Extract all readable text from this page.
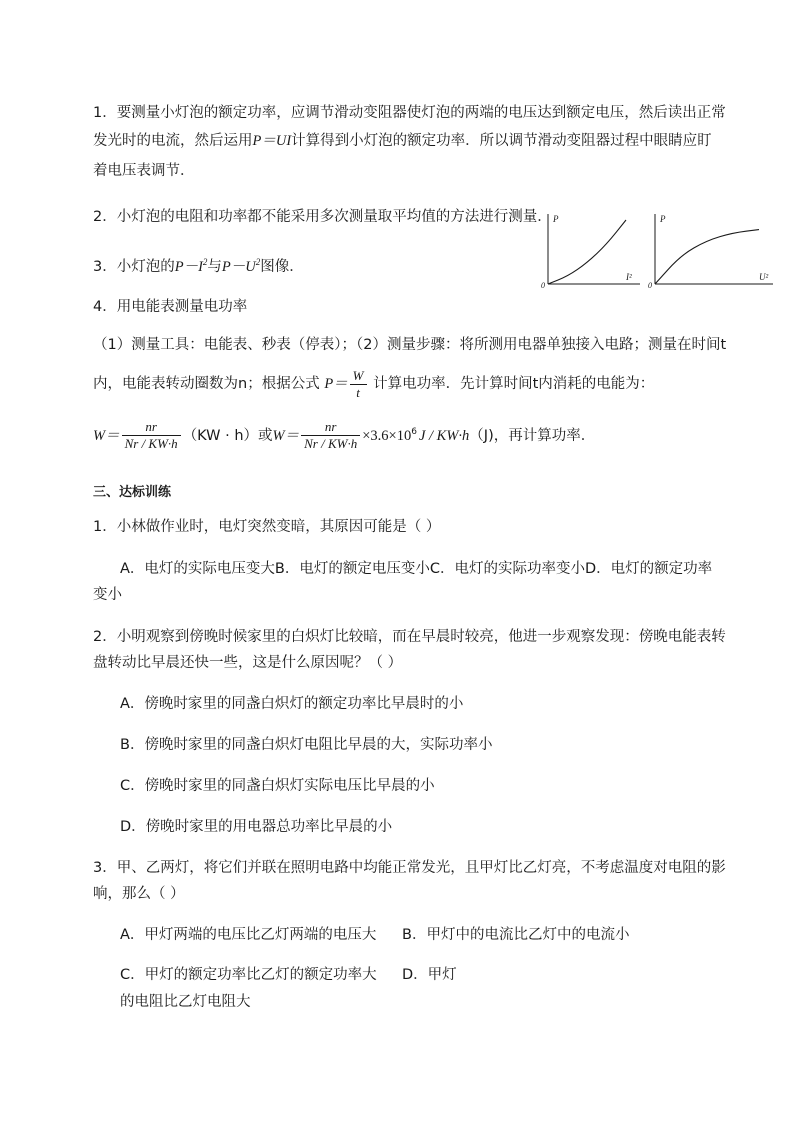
1．要测量小灯泡的额定功率，应调节滑动变阻器使灯泡的两端的电压达到额定电压，然后读出正常
发光时的电流，然后运用P＝UI计算得到小灯泡的额定功率．所以调节滑动变阻器过程中眼睛应盯
着电压表调节．
2．小灯泡的电阻和功率都不能采用多次测量取平均值的方法进行测量．
3．小灯泡的$P-I^2$与$P-U^2$图像．
P
0
I²
P
0
U²
4．用电能表测量电功率
（1）测量工具：电能表、秒表（停表）；（2）测量步骤：将所测用电器单独接入电路；测量在时间t
内，电能表转动圈数为n；根据公式 $P= \frac{W}{t}$ 计算电功率．先计算时间t内消耗的电能为：
$W= \frac{nr}{Nr / KW\cdot h} (KW \cdot h)$或$W= \frac{nr}{Nr / KW\cdot h} \times 3.6\times 10^6$ J / KW·h（J)，再计算功率．
三、达标训练
1．小林做作业时，电灯突然变暗，其原因可能是（ ）
A．电灯的实际电压变大B．电灯的额定电压变小C．电灯的实际功率变小D．电灯的额定功率
变小
2．小明观察到傍晚时候家里的白炽灯比较暗，而在早晨时较亮，他进一步观察发现：傍晚电能表转
盘转动比早晨还快一些，这是什么原因呢？（ ）
A．傍晚时家里的同盏白炽灯的额定功率比早晨时的小
B．傍晚时家里的同盏白炽灯电阻比早晨的大，实际功率小
C．傍晚时家里的同盏白炽灯实际电压比早晨的小
D．傍晚时家里的用电器总功率比早晨的小
3．甲、乙两灯，将它们并联在照明电路中均能正常发光，且甲灯比乙灯亮，不考虑温度对电阻的影
响，那么（ ）
A．甲灯两端的电压比乙灯两端的电压大	B．甲灯中的电流比乙灯中的电流小
C．甲灯的额定功率比乙灯的额定功率大	D．甲灯
的电阻比乙灯电阻大
